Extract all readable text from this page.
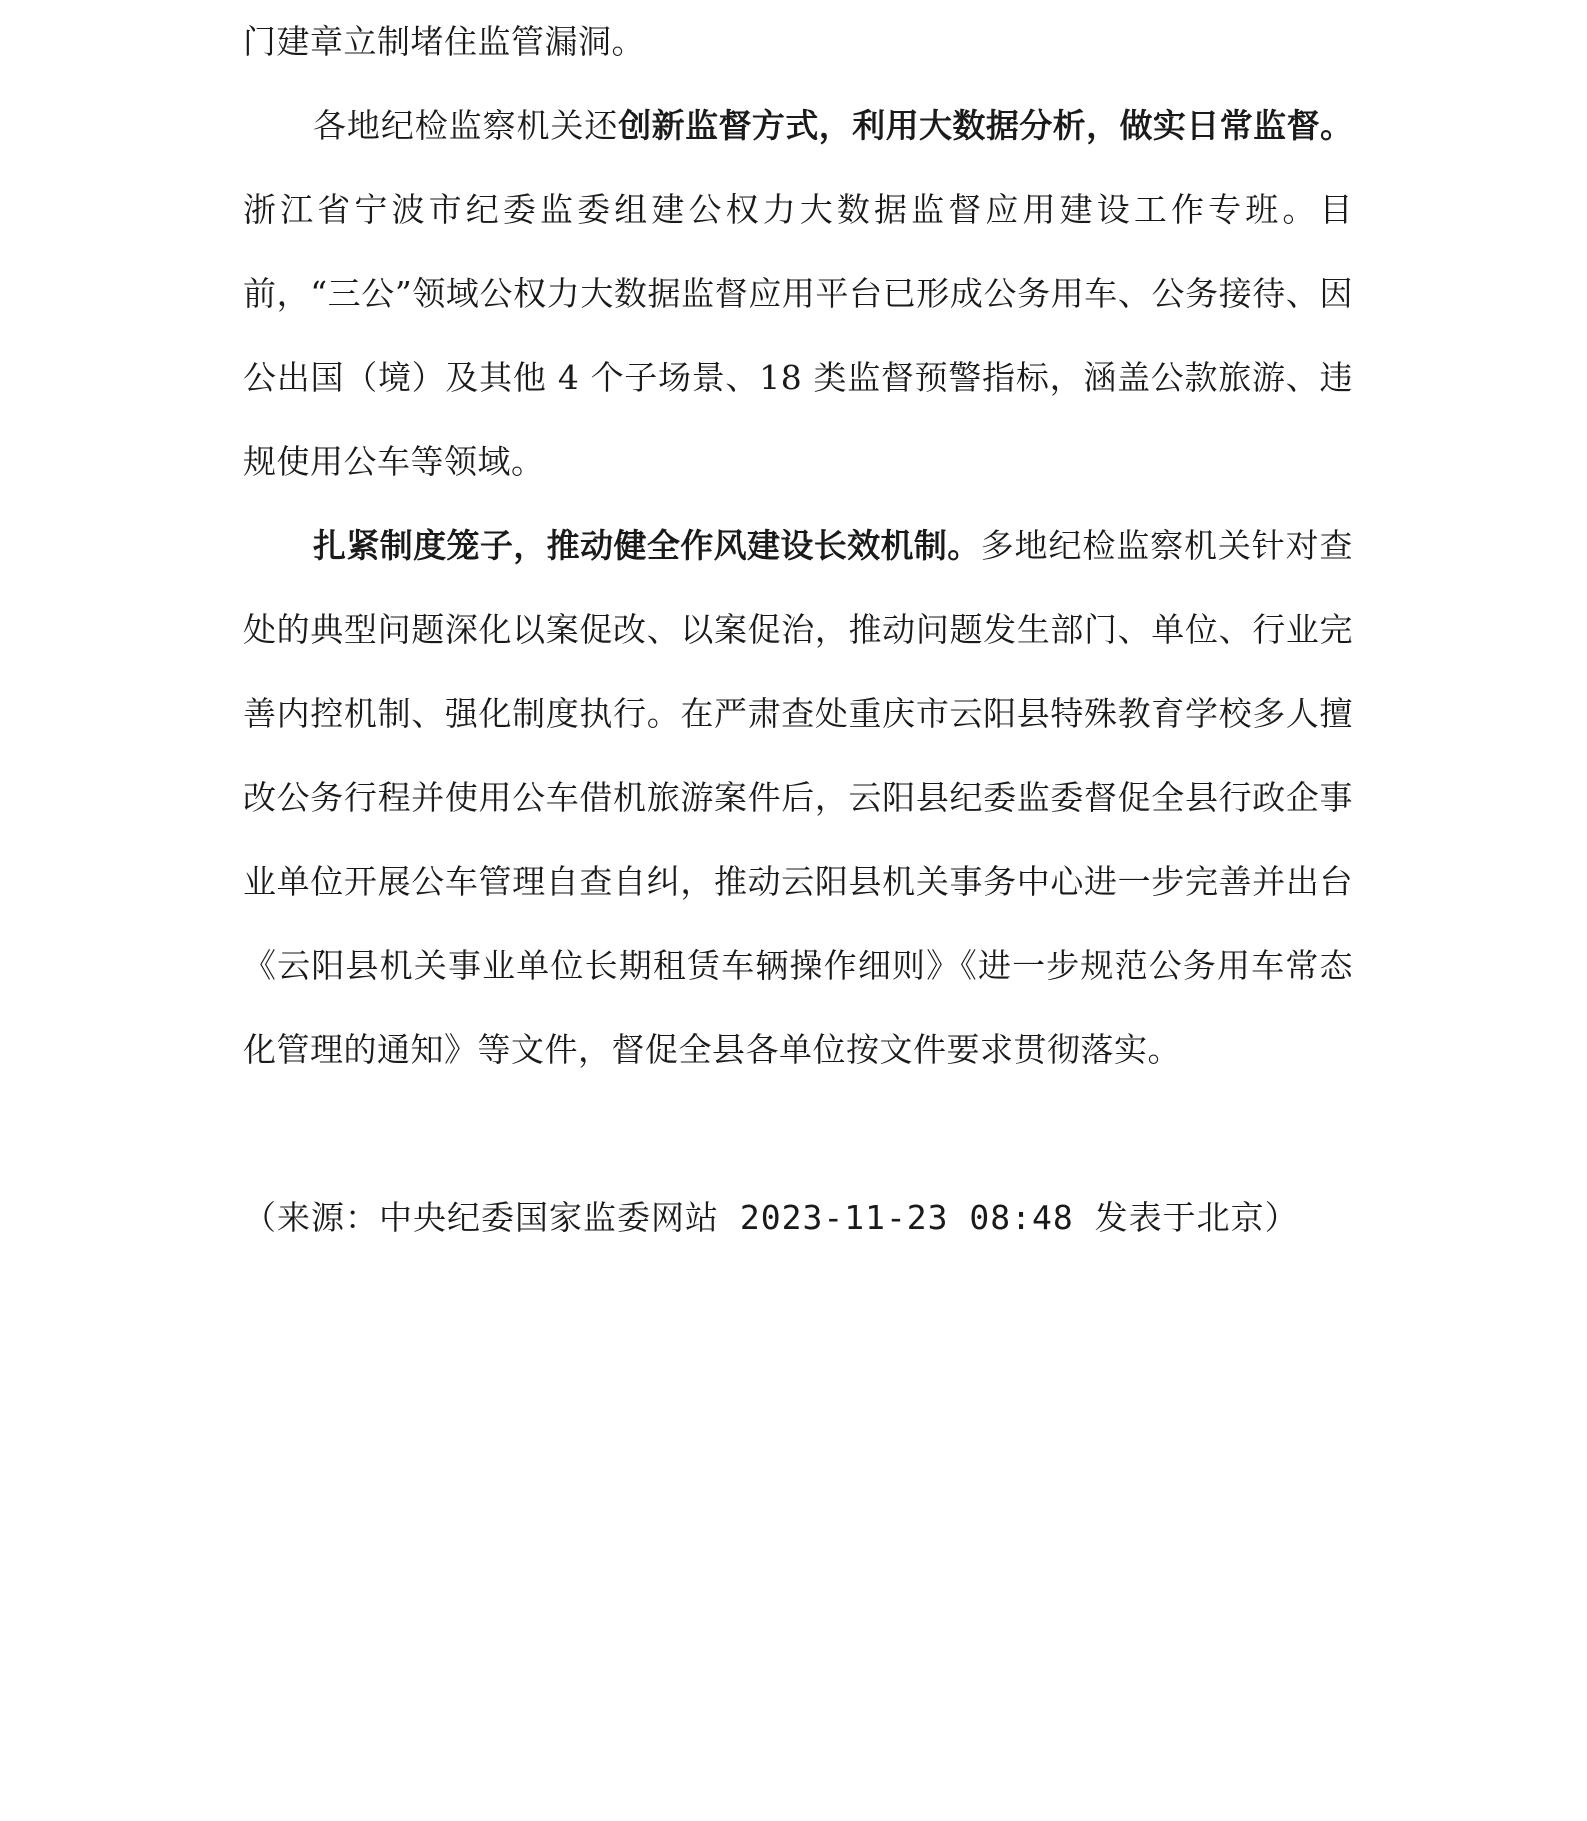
门建章立制堵住监管漏洞。

各地纪检监察机关还创新监督方式，利用大数据分析，做实日常监督。浙江省宁波市纪委监委组建公权力大数据监督应用建设工作专班。目前，“三公”领域公权力大数据监督应用平台已形成公务用车、公务接待、因公出国（境）及其他 4 个子场景、18 类监督预警指标，涵盖公款旅游、违规使用公车等领域。

扎紧制度笼子，推动健全作风建设长效机制。多地纪检监察机关针对查处的典型问题深化以案促改、以案促治，推动问题发生部门、单位、行业完善内控机制、强化制度执行。在严肃查处重庆市云阳县特殊教育学校多人擅改公务行程并使用公车借机旅游案件后，云阳县纪委监委督促全县行政企事业单位开展公车管理自查自纠，推动云阳县机关事务中心进一步完善并出台《云阳县机关事业单位长期租赁车辆操作细则》《进一步规范公务用车常态化管理的通知》等文件，督促全县各单位按文件要求贯彻落实。

（来源：中央纪委国家监委网站 2023-11-23 08:48 发表于北京）
